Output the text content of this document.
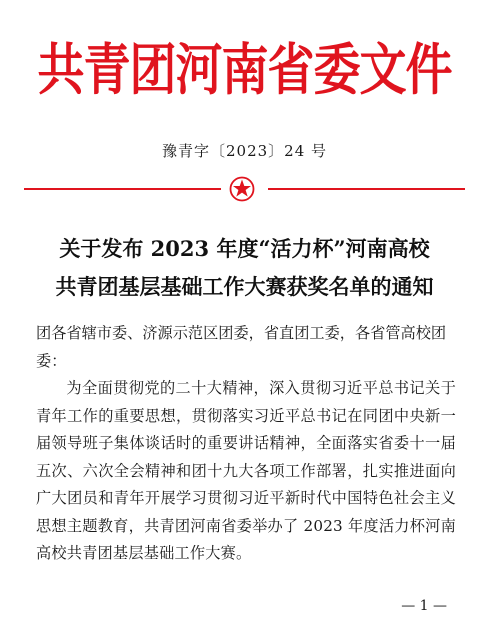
共青团河南省委文件
豫青字〔2023〕24 号
关于发布 2023 年度“活力杯”河南高校
共青团基层基础工作大赛获奖名单的通知
团各省辖市委、济源示范区团委，省直团工委，各省管高校团委：
为全面贯彻党的二十大精神，深入贯彻习近平总书记关于青年工作的重要思想，贯彻落实习近平总书记在同团中央新一届领导班子集体谈话时的重要讲话精神，全面落实省委十一届五次、六次全会精神和团十九大各项工作部署，扎实推进面向广大团员和青年开展学习贯彻习近平新时代中国特色社会主义思想主题教育，共青团河南省委举办了 2023 年度活力杯河南高校共青团基层基础工作大赛。
— 1 —
